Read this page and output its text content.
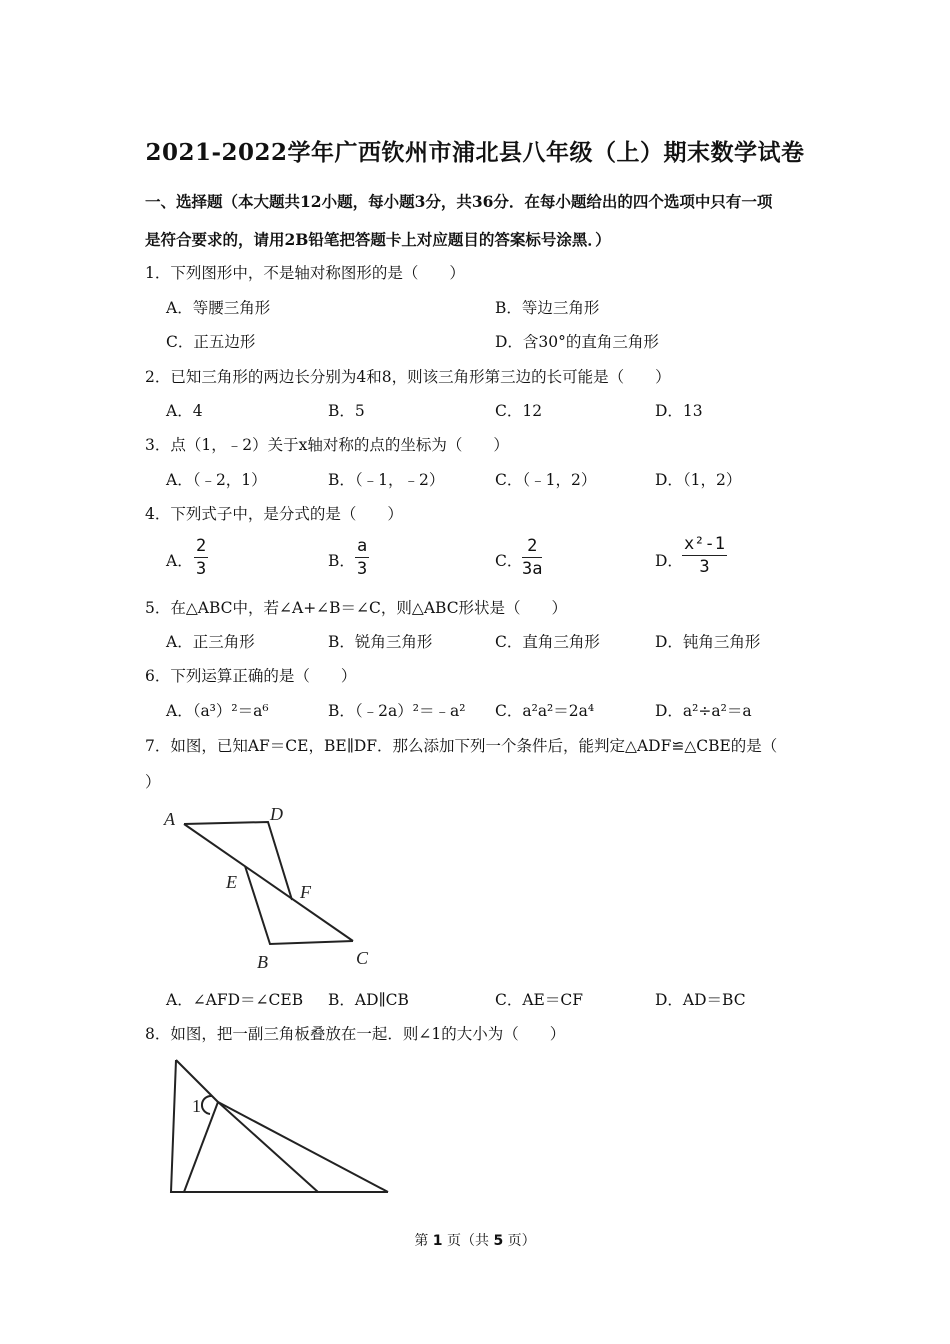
2021-2022学年广西钦州市浦北县八年级（上）期末数学试卷
一、选择题（本大题共12小题，每小题3分，共36分．在每小题给出的四个选项中只有一项
是符合要求的，请用2B铅笔把答题卡上对应题目的答案标号涂黑．）
1．下列图形中，不是轴对称图形的是（　　）
A．等腰三角形	B．等边三角形
C．正五边形	D．含30°的直角三角形
2．已知三角形的两边长分别为4和8，则该三角形第三边的长可能是（　　）
A．4	B．5	C．12	D．13
3．点（1，﹣2）关于x轴对称的点的坐标为（　　）
A．（﹣2，1）	B．（﹣1，﹣2）	C．（﹣1，2）	D．（1，2）
4．下列式子中，是分式的是（　　）
A． $\frac{2}{3}$	B． $\frac{a}{3}$	C． $\frac{2}{3a}$	D． $\frac{\text{x²-1}}{3}$
5．在△ABC中，若∠A+∠B＝∠C，则△ABC形状是（　　）
A．正三角形	B．锐角三角形	C．直角三角形	D．钝角三角形
6．下列运算正确的是（　　）
A．（a³）²＝a⁶	B．（﹣2a）²＝﹣a² C．a²a²＝2a⁴	D．a²÷a²＝a
7．如图，已知AF＝CE，BE∥DF．那么添加下列一个条件后，能判定△ADF≌△CBE的是（
）
A	D
E	F
B	C
A．∠AFD＝∠CEB B．AD∥CB	C．AE＝CF	D．AD＝BC
8．如图，把一副三角板叠放在一起．则∠1的大小为（　　）
1
第 1 页（共 5 页）
